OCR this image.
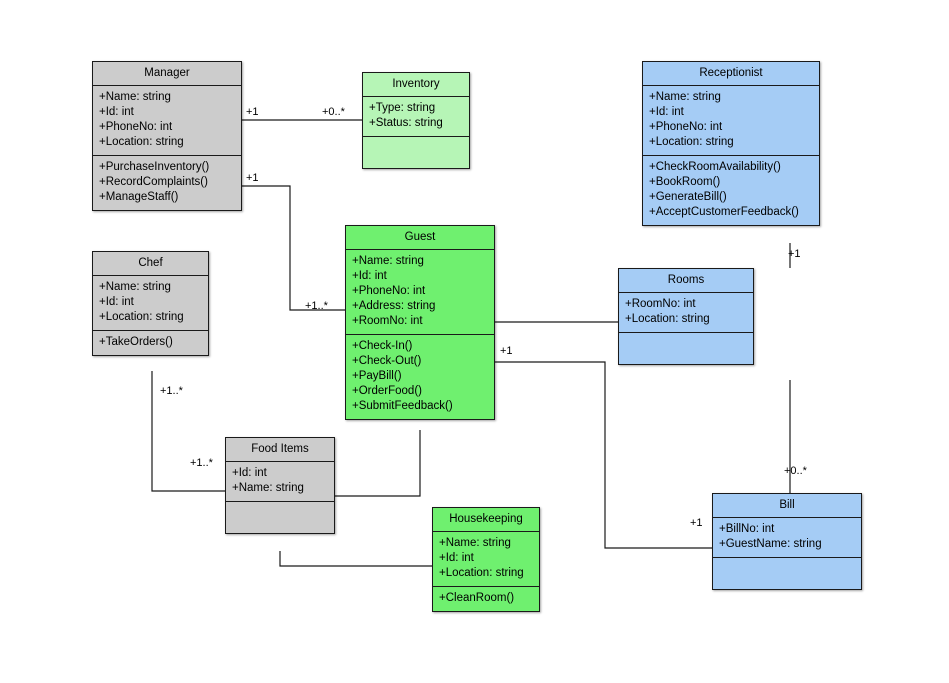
Manager
+Name: string
+Id: int
+PhoneNo: int
+Location: string
+PurchaseInventory()
+RecordComplaints()
+ManageStaff()
Inventory
+Type: string
+Status: string
Receptionist
+Name: string
+Id: int
+PhoneNo: int
+Location: string
+CheckRoomAvailability()
+BookRoom()
+GenerateBill()
+AcceptCustomerFeedback()
Chef
+Name: string
+Id: int
+Location: string
+TakeOrders()
Guest
+Name: string
+Id: int
+PhoneNo: int
+Address: string
+RoomNo: int
+Check-In()
+Check-Out()
+PayBill()
+OrderFood()
+SubmitFeedback()
Rooms
+RoomNo: int
+Location: string
Food Items
+Id: int
+Name: string
Housekeeping
+Name: string
+Id: int
+Location: string
+CleanRoom()
Bill
+BillNo: int
+GuestName: string
+1	+0..*
+1
+1
+1..*
+1
+1..*
+1..*
+0..*
+1
